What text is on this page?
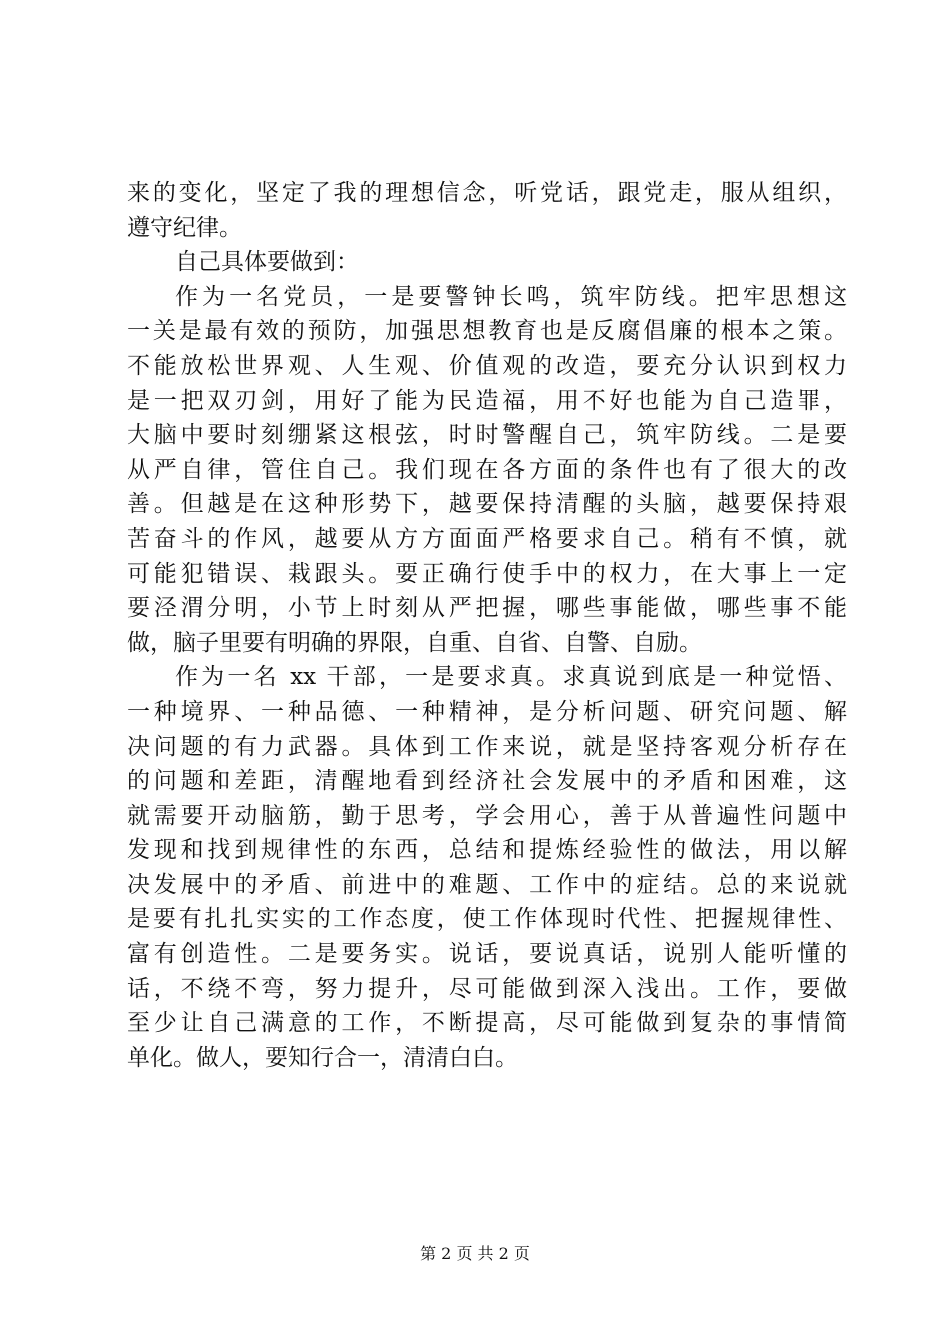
来的变化，坚定了我的理想信念，听党话，跟党走，服从组织，
遵守纪律。
自己具体要做到：
作为一名党员，一是要警钟长鸣，筑牢防线。把牢思想这
一关是最有效的预防，加强思想教育也是反腐倡廉的根本之策。
不能放松世界观、人生观、价值观的改造，要充分认识到权力
是一把双刃剑，用好了能为民造福，用不好也能为自己造罪，
大脑中要时刻绷紧这根弦，时时警醒自己，筑牢防线。二是要
从严自律，管住自己。我们现在各方面的条件也有了很大的改
善。但越是在这种形势下，越要保持清醒的头脑，越要保持艰
苦奋斗的作风，越要从方方面面严格要求自己。稍有不慎，就
可能犯错误、栽跟头。要正确行使手中的权力，在大事上一定
要泾渭分明，小节上时刻从严把握，哪些事能做，哪些事不能
做，脑子里要有明确的界限，自重、自省、自警、自励。
作为一名 xx 干部，一是要求真。求真说到底是一种觉悟、
一种境界、一种品德、一种精神，是分析问题、研究问题、解
决问题的有力武器。具体到工作来说，就是坚持客观分析存在
的问题和差距，清醒地看到经济社会发展中的矛盾和困难，这
就需要开动脑筋，勤于思考，学会用心，善于从普遍性问题中
发现和找到规律性的东西，总结和提炼经验性的做法，用以解
决发展中的矛盾、前进中的难题、工作中的症结。总的来说就
是要有扎扎实实的工作态度，使工作体现时代性、把握规律性、
富有创造性。二是要务实。说话，要说真话，说别人能听懂的
话，不绕不弯，努力提升，尽可能做到深入浅出。工作，要做
至少让自己满意的工作，不断提高，尽可能做到复杂的事情简
单化。做人，要知行合一，清清白白。
第 2 页 共 2 页
